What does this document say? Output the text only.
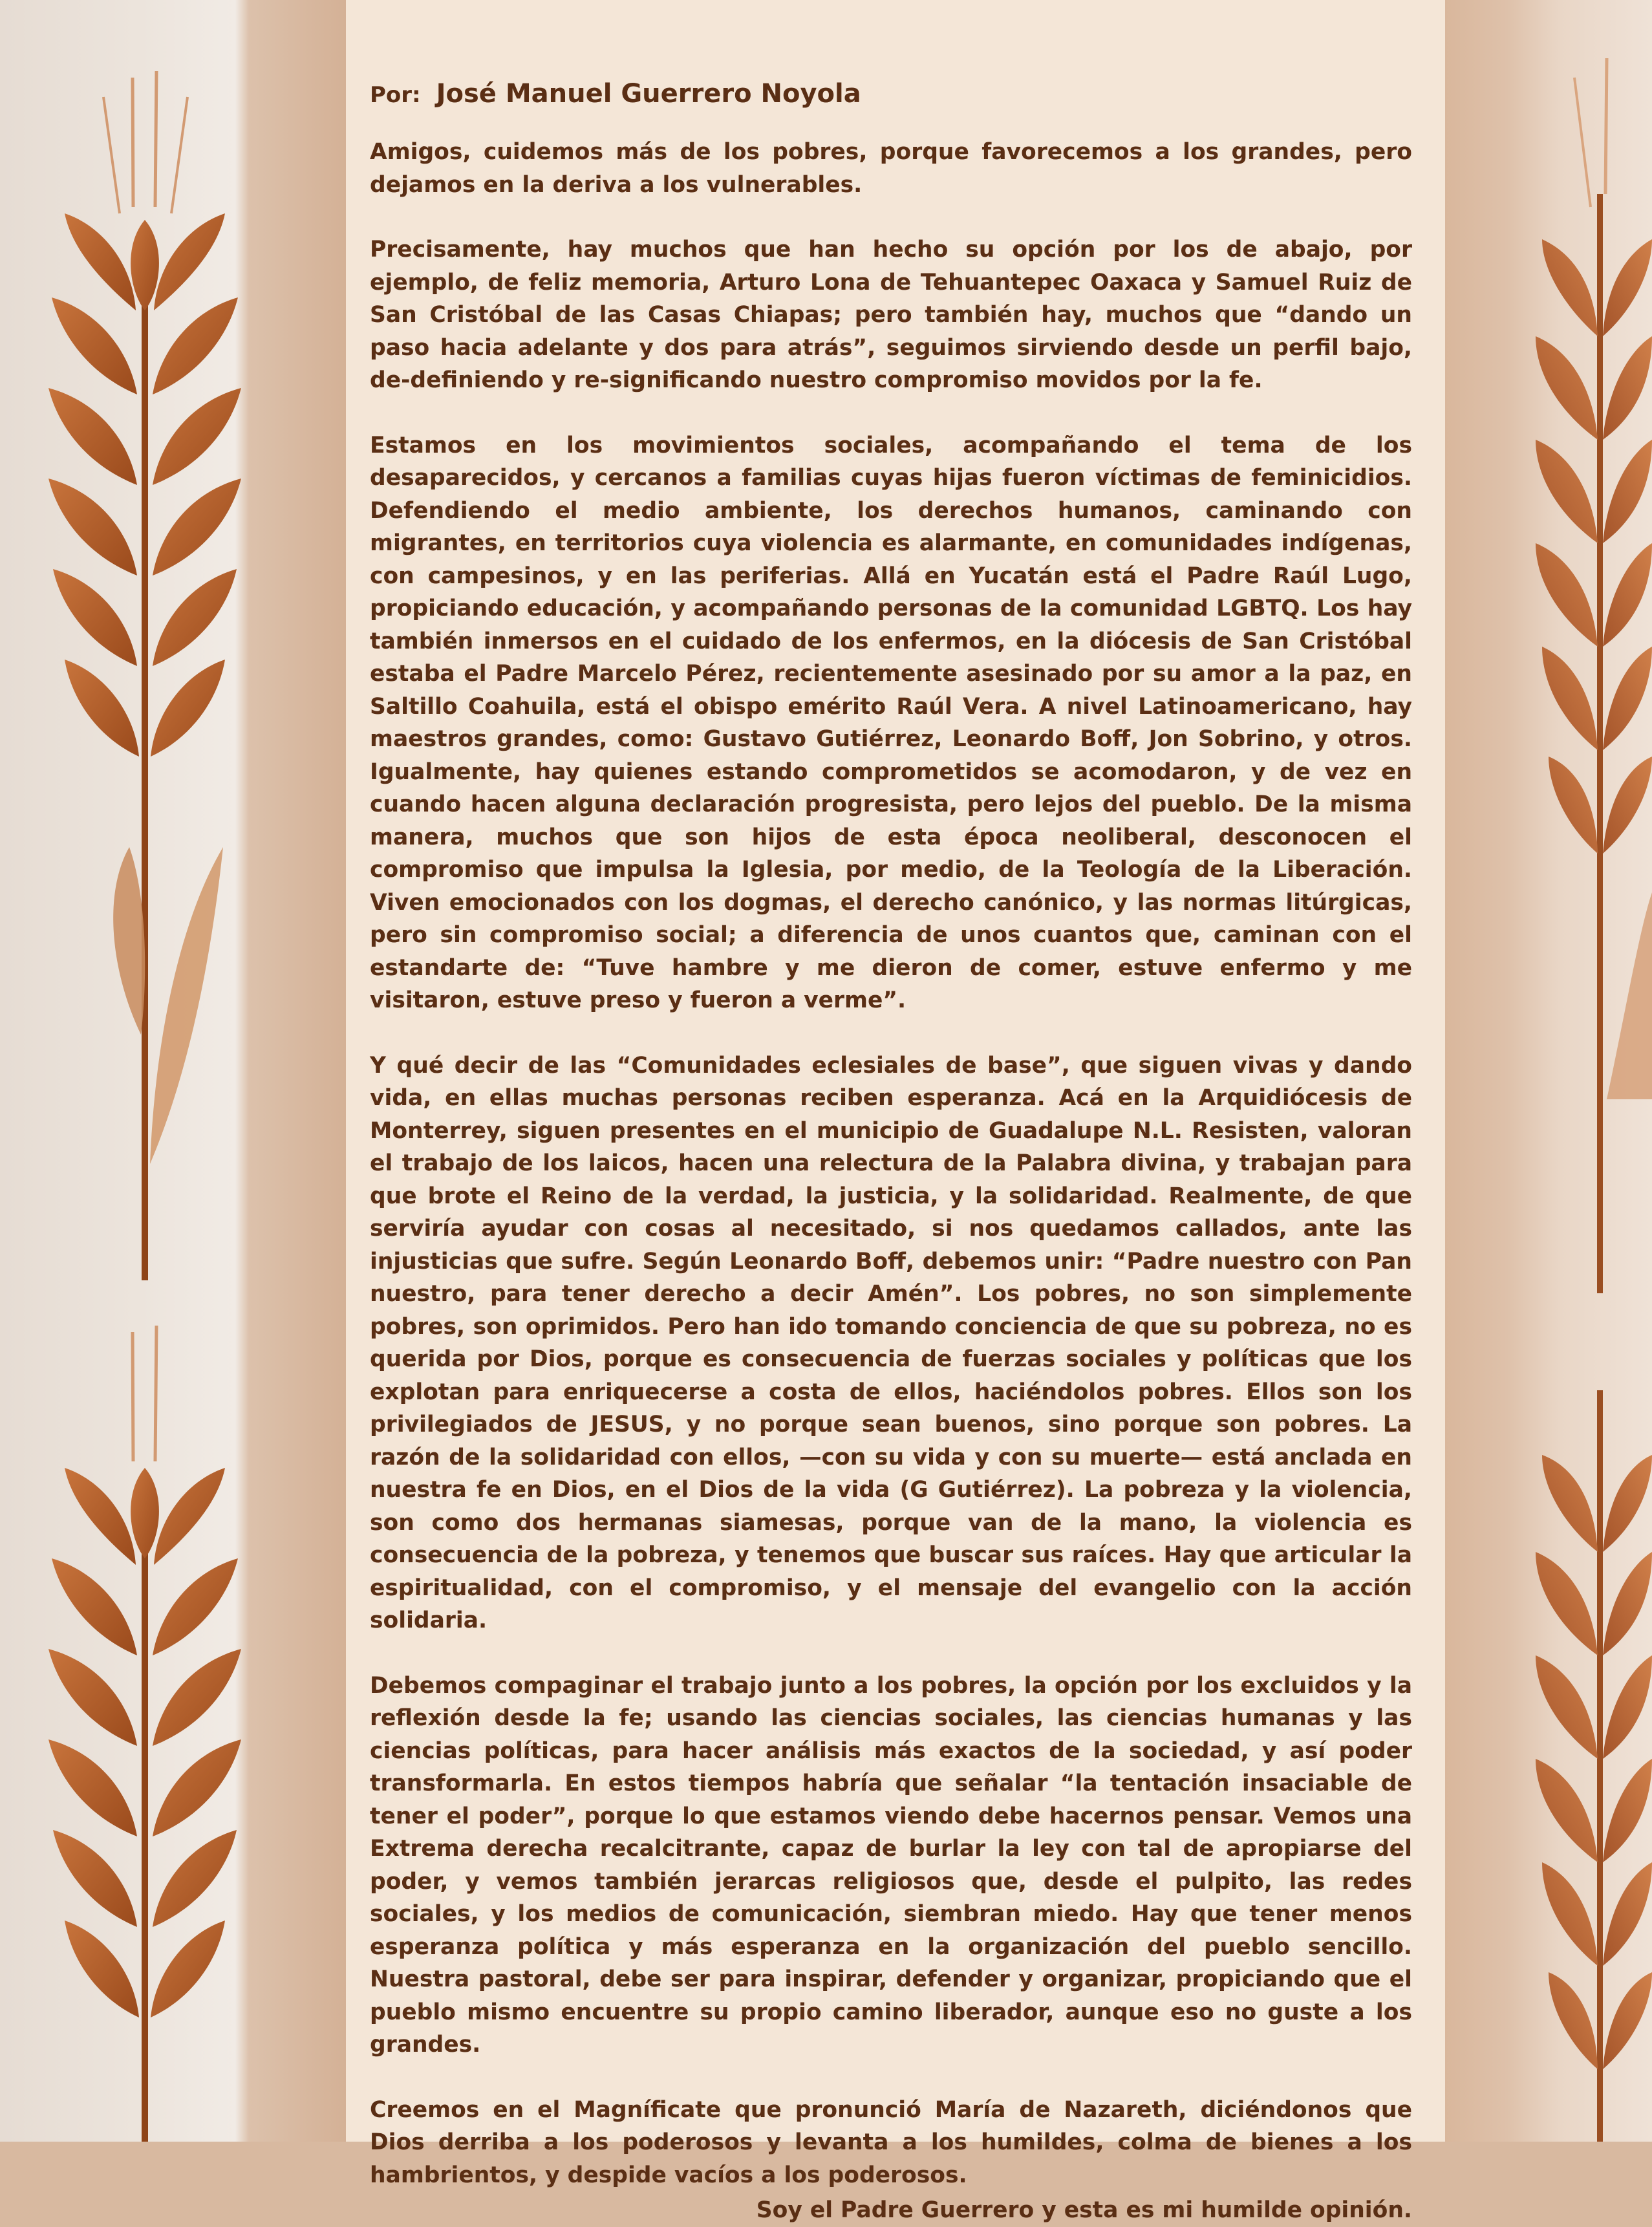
Por: José Manuel Guerrero Noyola

Amigos, cuidemos más de los pobres, porque favorecemos a los grandes, pero dejamos en la deriva a los vulnerables.

Precisamente, hay muchos que han hecho su opción por los de abajo, por ejemplo, de feliz memoria, Arturo Lona de Tehuantepec Oaxaca y Samuel Ruiz de San Cristóbal de las Casas Chiapas; pero también hay, muchos que “dando un paso hacia adelante y dos para atrás”, seguimos sirviendo desde un perfil bajo, de-definiendo y re-significando nuestro compromiso movidos por la fe.

Estamos en los movimientos sociales, acompañando el tema de los desaparecidos, y cercanos a familias cuyas hijas fueron víctimas de feminicidios. Defendiendo el medio ambiente, los derechos humanos, caminando con migrantes, en territorios cuya violencia es alarmante, en comunidades indígenas, con campesinos, y en las periferias. Allá en Yucatán está el Padre Raúl Lugo, propiciando educación, y acompañando personas de la comunidad LGBTQ. Los hay también inmersos en el cuidado de los enfermos, en la diócesis de San Cristóbal estaba el Padre Marcelo Pérez, recientemente asesinado por su amor a la paz, en Saltillo Coahuila, está el obispo emérito Raúl Vera. A nivel Latinoamericano, hay maestros grandes, como: Gustavo Gutiérrez, Leonardo Boff, Jon Sobrino, y otros. Igualmente, hay quienes estando comprometidos se acomodaron, y de vez en cuando hacen alguna declaración progresista, pero lejos del pueblo. De la misma manera, muchos que son hijos de esta época neoliberal, desconocen el compromiso que impulsa la Iglesia, por medio, de la Teología de la Liberación. Viven emocionados con los dogmas, el derecho canónico, y las normas litúrgicas, pero sin compromiso social; a diferencia de unos cuantos que, caminan con el estandarte de: “Tuve hambre y me dieron de comer, estuve enfermo y me visitaron, estuve preso y fueron a verme”.

Y qué decir de las “Comunidades eclesiales de base”, que siguen vivas y dando vida, en ellas muchas personas reciben esperanza. Acá en la Arquidiócesis de Monterrey, siguen presentes en el municipio de Guadalupe N.L. Resisten, valoran el trabajo de los laicos, hacen una relectura de la Palabra divina, y trabajan para que brote el Reino de la verdad, la justicia, y la solidaridad. Realmente, de que serviría ayudar con cosas al necesitado, si nos quedamos callados, ante las injusticias que sufre. Según Leonardo Boff, debemos unir: “Padre nuestro con Pan nuestro, para tener derecho a decir Amén”. Los pobres, no son simplemente pobres, son oprimidos. Pero han ido tomando conciencia de que su pobreza, no es querida por Dios, porque es consecuencia de fuerzas sociales y políticas que los explotan para enriquecerse a costa de ellos, haciéndolos pobres. Ellos son los privilegiados de JESUS, y no porque sean buenos, sino porque son pobres. La razón de la solidaridad con ellos, —con su vida y con su muerte— está anclada en nuestra fe en Dios, en el Dios de la vida (G Gutiérrez). La pobreza y la violencia, son como dos hermanas siamesas, porque van de la mano, la violencia es consecuencia de la pobreza, y tenemos que buscar sus raíces. Hay que articular la espiritualidad, con el compromiso, y el mensaje del evangelio con la acción solidaria.

Debemos compaginar el trabajo junto a los pobres, la opción por los excluidos y la reflexión desde la fe; usando las ciencias sociales, las ciencias humanas y las ciencias políticas, para hacer análisis más exactos de la sociedad, y así poder transformarla. En estos tiempos habría que señalar “la tentación insaciable de tener el poder”, porque lo que estamos viendo debe hacernos pensar. Vemos una Extrema derecha recalcitrante, capaz de burlar la ley con tal de apropiarse del poder, y vemos también jerarcas religiosos que, desde el pulpito, las redes sociales, y los medios de comunicación, siembran miedo. Hay que tener menos esperanza política y más esperanza en la organización del pueblo sencillo. Nuestra pastoral, debe ser para inspirar, defender y organizar, propiciando que el pueblo mismo encuentre su propio camino liberador, aunque eso no guste a los grandes.

Creemos en el Magníficate que pronunció María de Nazareth, diciéndonos que Dios derriba a los poderosos y levanta a los humildes, colma de bienes a los hambrientos, y despide vacíos a los poderosos.

Soy el Padre Guerrero y esta es mi humilde opinión.
